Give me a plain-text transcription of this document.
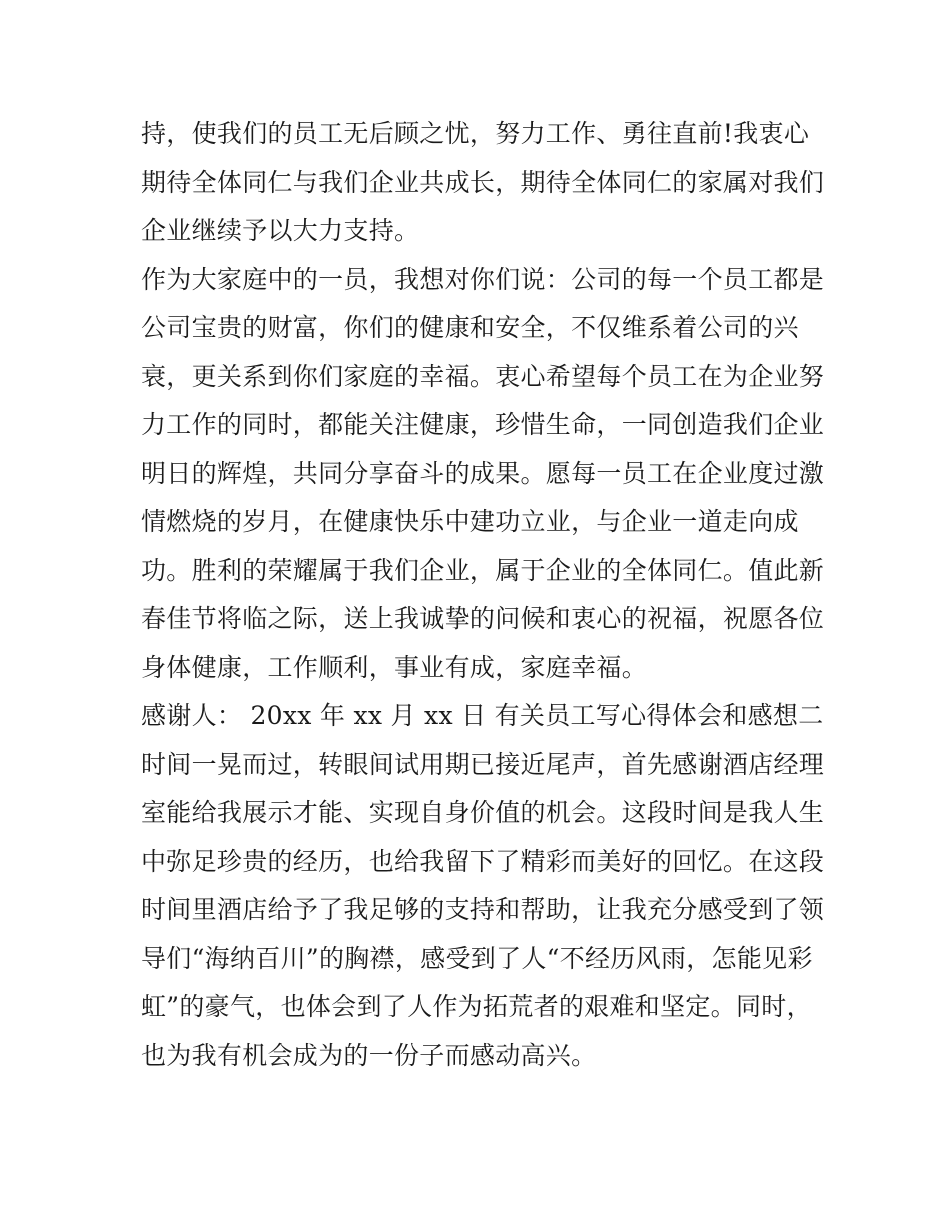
持，使我们的员工无后顾之忧，努力工作、勇往直前!我衷心
期待全体同仁与我们企业共成长，期待全体同仁的家属对我们
企业继续予以大力支持。
作为大家庭中的一员，我想对你们说：公司的每一个员工都是
公司宝贵的财富，你们的健康和安全，不仅维系着公司的兴
衰，更关系到你们家庭的幸福。衷心希望每个员工在为企业努
力工作的同时，都能关注健康，珍惜生命，一同创造我们企业
明日的辉煌，共同分享奋斗的成果。愿每一员工在企业度过激
情燃烧的岁月，在健康快乐中建功立业，与企业一道走向成
功。胜利的荣耀属于我们企业，属于企业的全体同仁。值此新
春佳节将临之际，送上我诚挚的问候和衷心的祝福，祝愿各位
身体健康，工作顺利，事业有成，家庭幸福。
感谢人： 20xx 年 xx 月 xx 日 有关员工写心得体会和感想二
时间一晃而过，转眼间试用期已接近尾声，首先感谢酒店经理
室能给我展示才能、实现自身价值的机会。这段时间是我人生
中弥足珍贵的经历，也给我留下了精彩而美好的回忆。在这段
时间里酒店给予了我足够的支持和帮助，让我充分感受到了领
导们“海纳百川”的胸襟，感受到了人“不经历风雨，怎能见彩
虹”的豪气，也体会到了人作为拓荒者的艰难和坚定。同时，
也为我有机会成为的一份子而感动高兴。
